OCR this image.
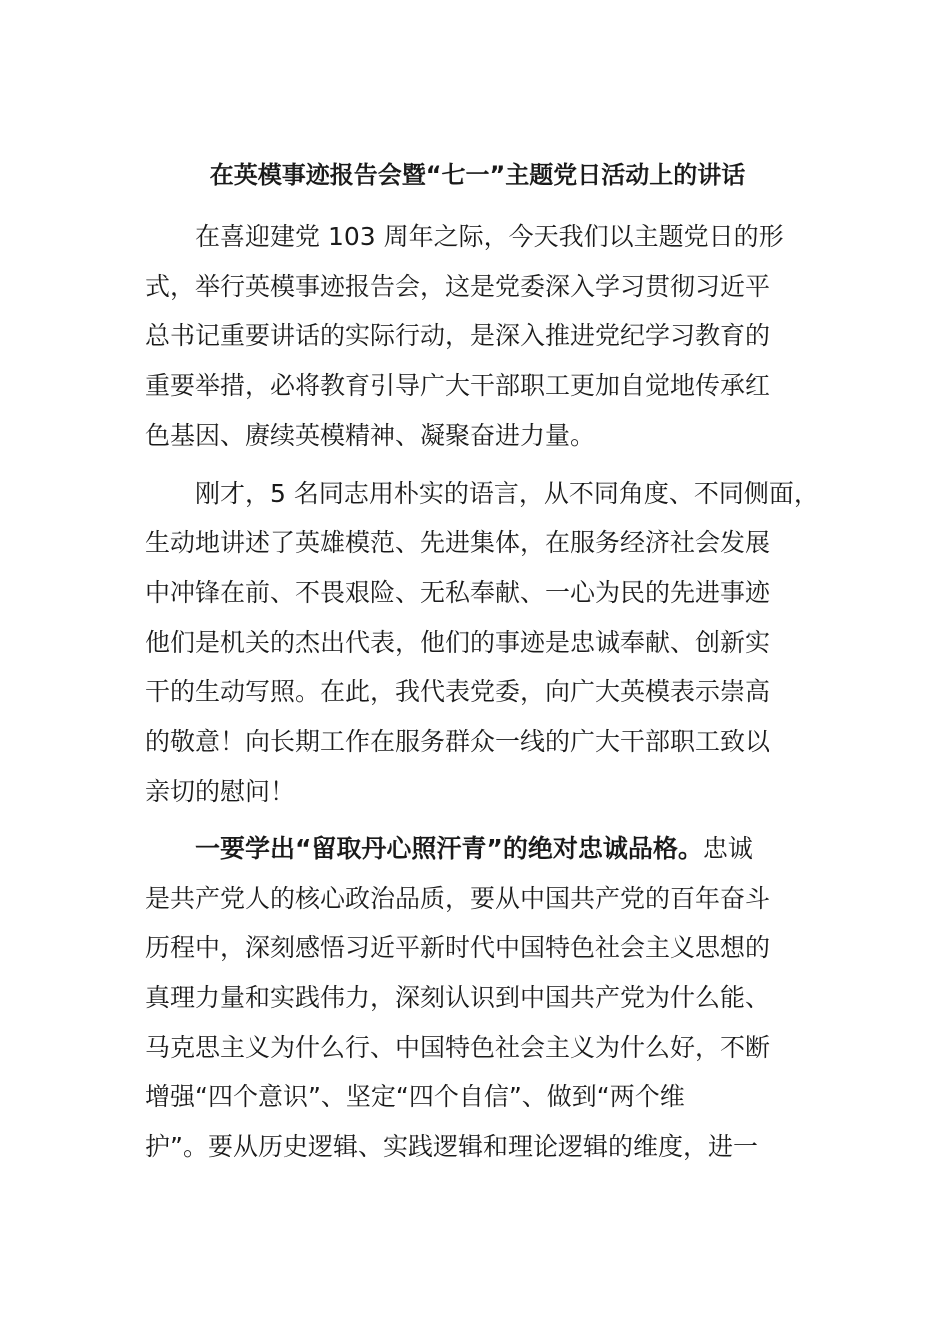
在英模事迹报告会暨“七一”主题党日活动上的讲话

在喜迎建党 103 周年之际，今天我们以主题党日的形

式，举行英模事迹报告会，这是党委深入学习贯彻习近平

总书记重要讲话的实际行动，是深入推进党纪学习教育的

重要举措，必将教育引导广大干部职工更加自觉地传承红

色基因、赓续英模精神、凝聚奋进力量。

刚才，5 名同志用朴实的语言，从不同角度、不同侧面，

生动地讲述了英雄模范、先进集体，在服务经济社会发展

中冲锋在前、不畏艰险、无私奉献、一心为民的先进事迹

他们是机关的杰出代表，他们的事迹是忠诚奉献、创新实

干的生动写照。在此，我代表党委，向广大英模表示崇高

的敬意！向长期工作在服务群众一线的广大干部职工致以

亲切的慰问！

一要学出“留取丹心照汗青”的绝对忠诚品格。忠诚

是共产党人的核心政治品质，要从中国共产党的百年奋斗

历程中，深刻感悟习近平新时代中国特色社会主义思想的

真理力量和实践伟力，深刻认识到中国共产党为什么能、

马克思主义为什么行、中国特色社会主义为什么好，不断

增强“四个意识”、坚定“四个自信”、做到“两个维

护”。要从历史逻辑、实践逻辑和理论逻辑的维度，进一
